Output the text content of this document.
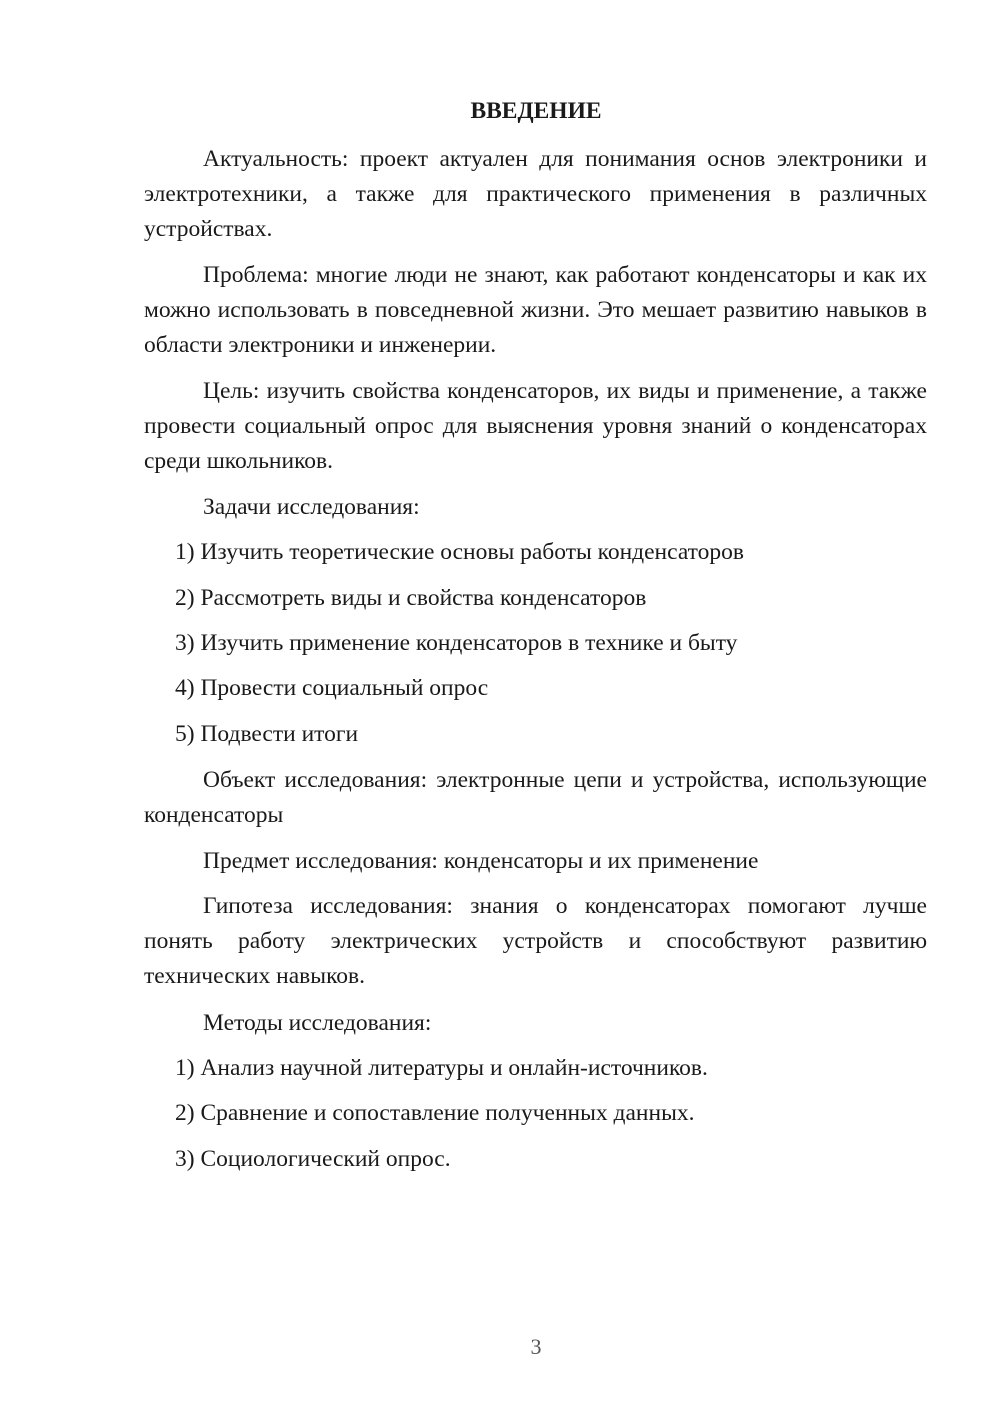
ВВЕДЕНИЕ

Актуальность: проект актуален для понимания основ электроники и электротехники, а также для практического применения в различных устройствах.

Проблема: многие люди не знают, как работают конденсаторы и как их можно использовать в повседневной жизни. Это мешает развитию навыков в области электроники и инженерии.

Цель: изучить свойства конденсаторов, их виды и применение, а также провести социальный опрос для выяснения уровня знаний о конденсаторах среди школьников.

Задачи исследования:

1) Изучить теоретические основы работы конденсаторов

2) Рассмотреть виды и свойства конденсаторов

3) Изучить применение конденсаторов в технике и быту

4) Провести социальный опрос

5) Подвести итоги

Объект исследования: электронные цепи и устройства, использующие конденсаторы

Предмет исследования: конденсаторы и их применение

Гипотеза исследования: знания о конденсаторах помогают лучше понять работу электрических устройств и способствуют развитию технических навыков.

Методы исследования:

1) Анализ научной литературы и онлайн-источников.

2) Сравнение и сопоставление полученных данных.

3) Социологический опрос.

3
